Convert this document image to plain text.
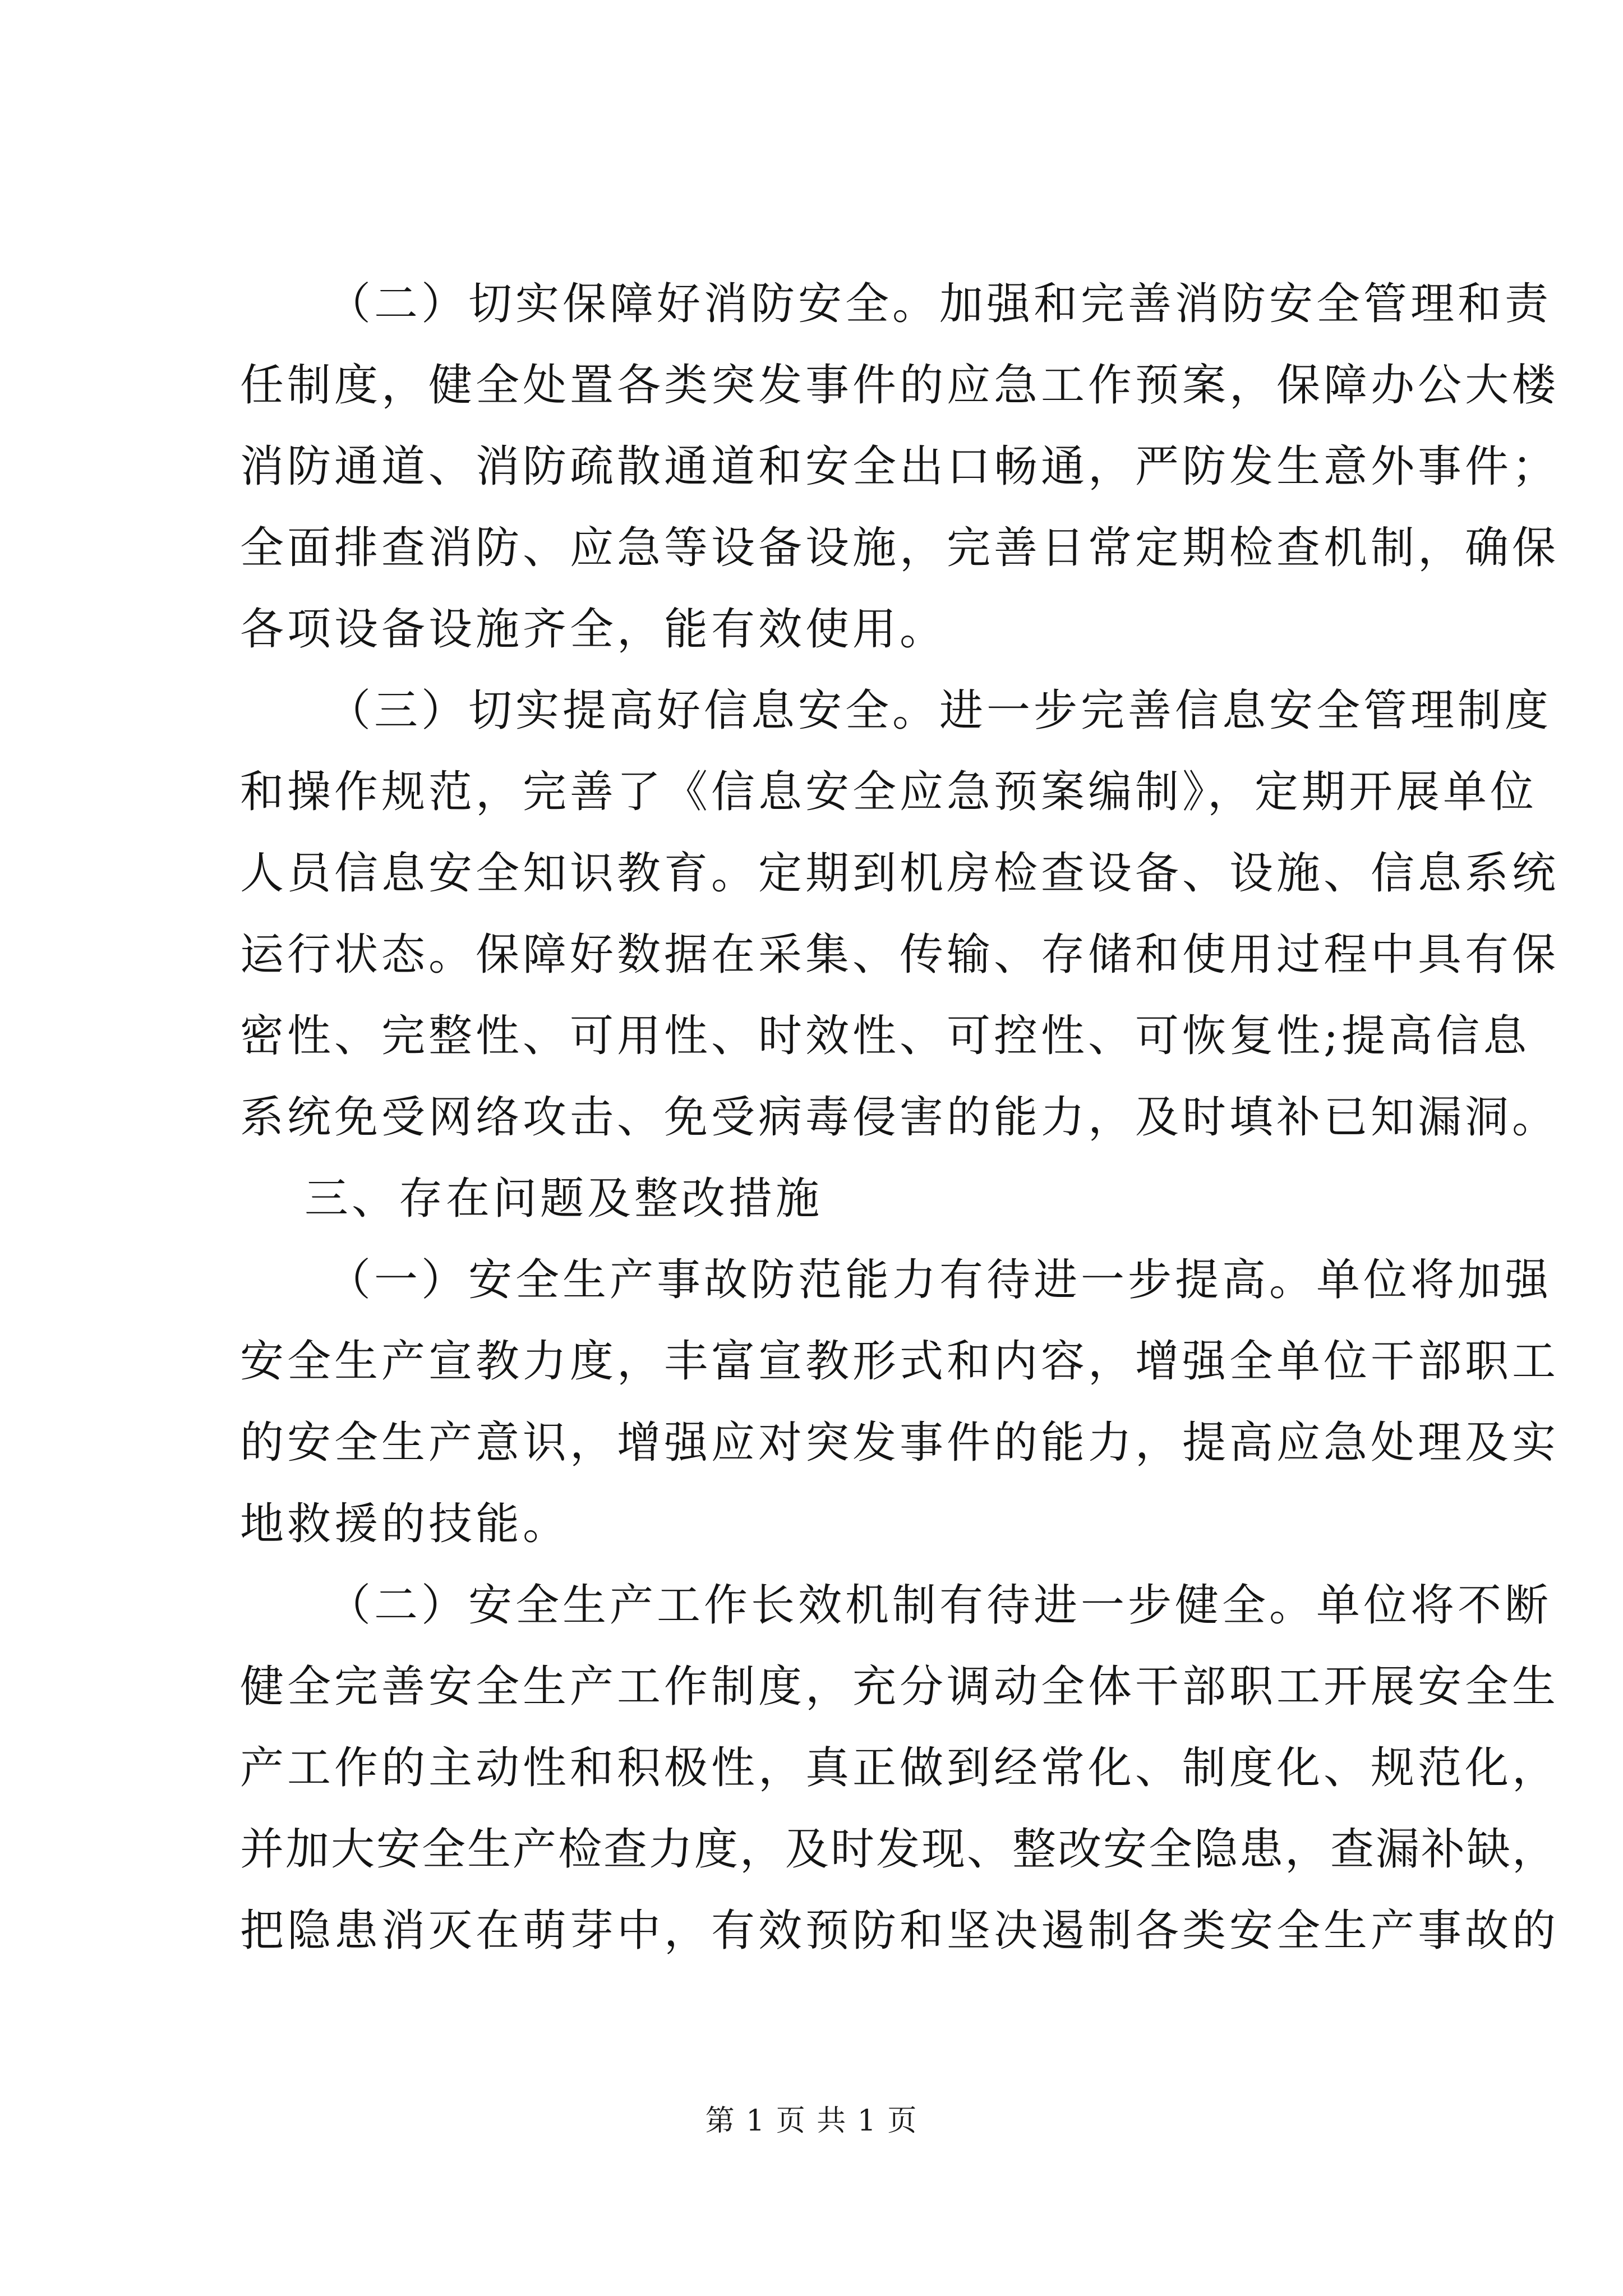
（二）切实保障好消防安全。加强和完善消防安全管理和责
任制度，健全处置各类突发事件的应急工作预案，保障办公大楼
消防通道、消防疏散通道和安全出口畅通，严防发生意外事件；
全面排查消防、应急等设备设施，完善日常定期检查机制，确保
各项设备设施齐全，能有效使用。
（三）切实提高好信息安全。进一步完善信息安全管理制度
和操作规范，完善了《信息安全应急预案编制》，定期开展单位
人员信息安全知识教育。定期到机房检查设备、设施、信息系统
运行状态。保障好数据在采集、传输、存储和使用过程中具有保
密性、完整性、可用性、时效性、可控性、可恢复性;提高信息
系统免受网络攻击、免受病毒侵害的能力，及时填补已知漏洞。
三、存在问题及整改措施
（一）安全生产事故防范能力有待进一步提高。单位将加强
安全生产宣教力度，丰富宣教形式和内容，增强全单位干部职工
的安全生产意识，增强应对突发事件的能力，提高应急处理及实
地救援的技能。
（二）安全生产工作长效机制有待进一步健全。单位将不断
健全完善安全生产工作制度，充分调动全体干部职工开展安全生
产工作的主动性和积极性，真正做到经常化、制度化、规范化，
并加大安全生产检查力度，及时发现、整改安全隐患，查漏补缺，
把隐患消灭在萌芽中，有效预防和坚决遏制各类安全生产事故的
第 1 页 共 1 页
